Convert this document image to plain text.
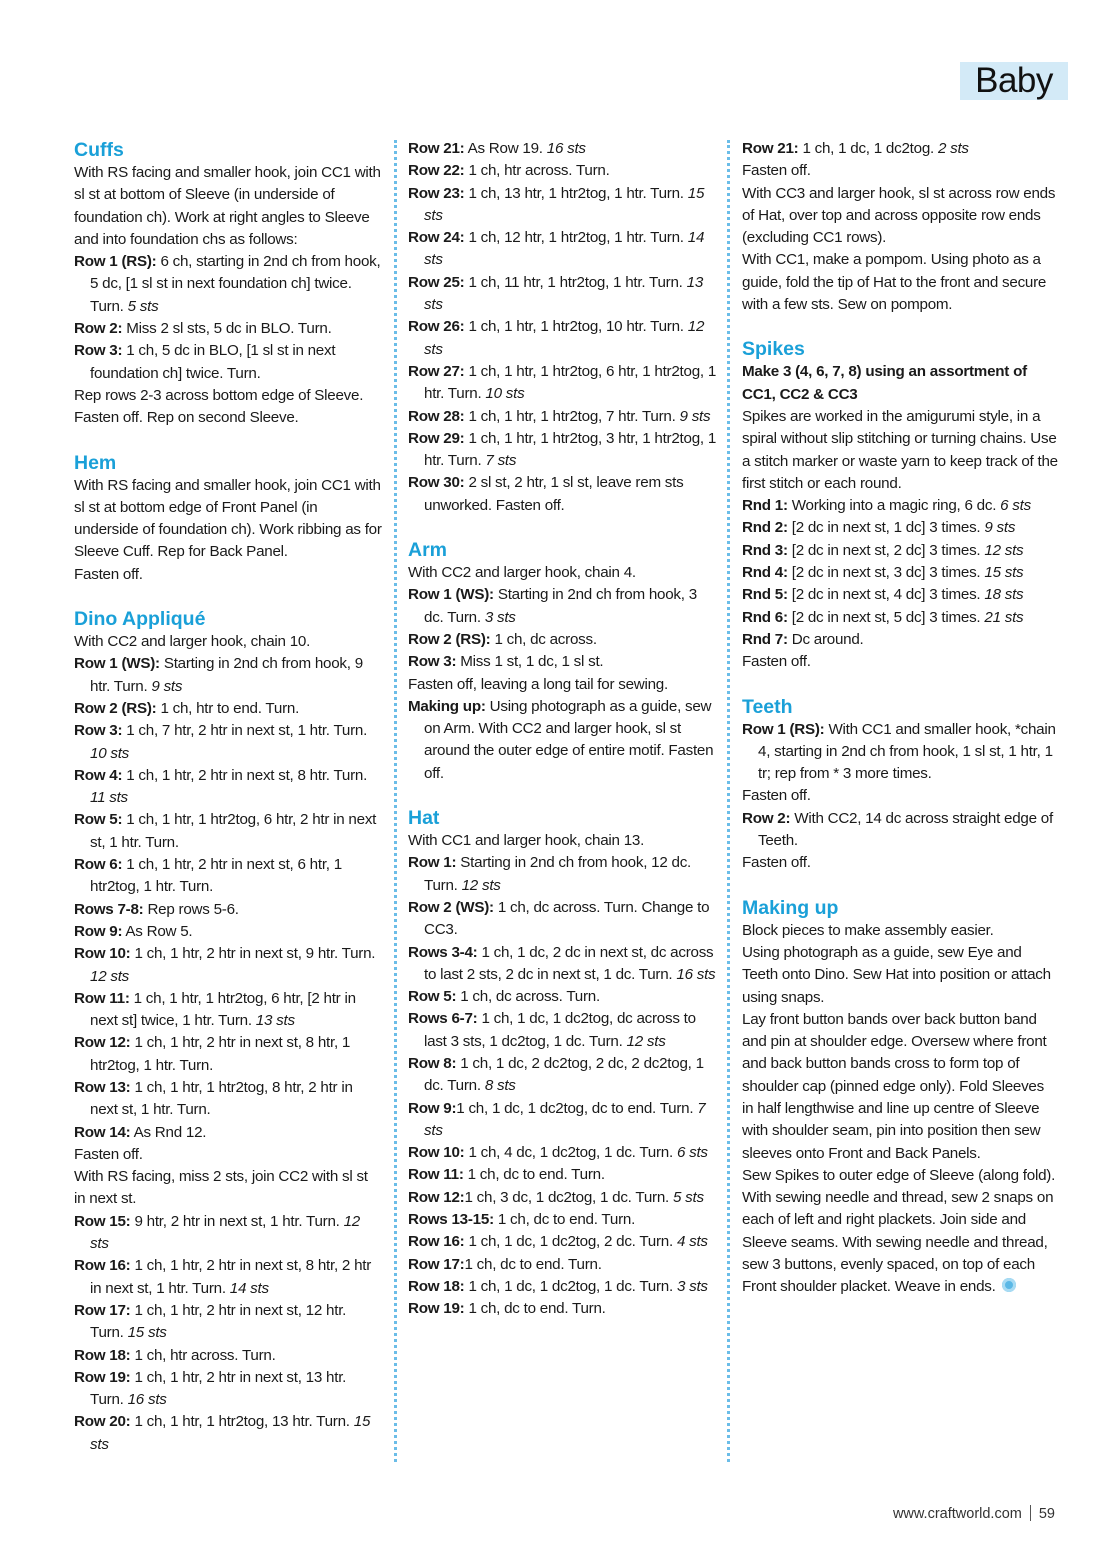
Baby
Cuffs

With RS facing and smaller hook, join CC1 with sl st at bottom of Sleeve (in underside of foundation ch). Work at right angles to Sleeve and into foundation chs as follows:

Row 1 (RS): 6 ch, starting in 2nd ch from hook, 5 dc, [1 sl st in next foundation ch] twice. Turn. 5 sts

Row 2: Miss 2 sl sts, 5 dc in BLO. Turn.

Row 3: 1 ch, 5 dc in BLO, [1 sl st in next foundation ch] twice. Turn.

Rep rows 2-3 across bottom edge of Sleeve. Fasten off. Rep on second Sleeve.

Hem

With RS facing and smaller hook, join CC1 with sl st at bottom edge of Front Panel (in underside of foundation ch). Work ribbing as for Sleeve Cuff. Rep for Back Panel.

Fasten off.

Dino Appliqué

With CC2 and larger hook, chain 10.

Row 1 (WS): Starting in 2nd ch from hook, 9 htr. Turn. 9 sts

Row 2 (RS): 1 ch, htr to end. Turn.

Row 3: 1 ch, 7 htr, 2 htr in next st, 1 htr. Turn. 10 sts

Row 4: 1 ch, 1 htr, 2 htr in next st, 8 htr. Turn. 11 sts

Row 5: 1 ch, 1 htr, 1 htr2tog, 6 htr, 2 htr in next st, 1 htr. Turn.

Row 6: 1 ch, 1 htr, 2 htr in next st, 6 htr, 1 htr2tog, 1 htr. Turn.

Rows 7-8: Rep rows 5-6.

Row 9: As Row 5.

Row 10: 1 ch, 1 htr, 2 htr in next st, 9 htr. Turn. 12 sts

Row 11: 1 ch, 1 htr, 1 htr2tog, 6 htr, [2 htr in next st] twice, 1 htr. Turn. 13 sts

Row 12: 1 ch, 1 htr, 2 htr in next st, 8 htr, 1 htr2tog, 1 htr. Turn.

Row 13: 1 ch, 1 htr, 1 htr2tog, 8 htr, 2 htr in next st, 1 htr. Turn.

Row 14: As Rnd 12.

Fasten off.

With RS facing, miss 2 sts, join CC2 with sl st in next st.

Row 15: 9 htr, 2 htr in next st, 1 htr. Turn. 12 sts

Row 16: 1 ch, 1 htr, 2 htr in next st, 8 htr, 2 htr in next st, 1 htr. Turn. 14 sts

Row 17: 1 ch, 1 htr, 2 htr in next st, 12 htr. Turn. 15 sts

Row 18: 1 ch, htr across. Turn.

Row 19: 1 ch, 1 htr, 2 htr in next st, 13 htr. Turn. 16 sts

Row 20: 1 ch, 1 htr, 1 htr2tog, 13 htr. Turn. 15 sts

Row 21: As Row 19. 16 sts

Row 22: 1 ch, htr across. Turn.

Row 23: 1 ch, 13 htr, 1 htr2tog, 1 htr. Turn. 15 sts

Row 24: 1 ch, 12 htr, 1 htr2tog, 1 htr. Turn. 14 sts

Row 25: 1 ch, 11 htr, 1 htr2tog, 1 htr. Turn. 13 sts

Row 26: 1 ch, 1 htr, 1 htr2tog, 10 htr. Turn. 12 sts

Row 27: 1 ch, 1 htr, 1 htr2tog, 6 htr, 1 htr2tog, 1 htr. Turn. 10 sts

Row 28: 1 ch, 1 htr, 1 htr2tog, 7 htr. Turn. 9 sts

Row 29: 1 ch, 1 htr, 1 htr2tog, 3 htr, 1 htr2tog, 1 htr. Turn. 7 sts

Row 30: 2 sl st, 2 htr, 1 sl st, leave rem sts unworked. Fasten off.

Arm

With CC2 and larger hook, chain 4.

Row 1 (WS): Starting in 2nd ch from hook, 3 dc. Turn. 3 sts

Row 2 (RS): 1 ch, dc across.

Row 3: Miss 1 st, 1 dc, 1 sl st.

Fasten off, leaving a long tail for sewing.

Making up: Using photograph as a guide, sew on Arm. With CC2 and larger hook, sl st around the outer edge of entire motif. Fasten off.

Hat

With CC1 and larger hook, chain 13.

Row 1: Starting in 2nd ch from hook, 12 dc. Turn. 12 sts

Row 2 (WS): 1 ch, dc across. Turn. Change to CC3.

Rows 3-4: 1 ch, 1 dc, 2 dc in next st, dc across to last 2 sts, 2 dc in next st, 1 dc. Turn. 16 sts

Row 5: 1 ch, dc across. Turn.

Rows 6-7: 1 ch, 1 dc, 1 dc2tog, dc across to last 3 sts, 1 dc2tog, 1 dc. Turn. 12 sts

Row 8: 1 ch, 1 dc, 2 dc2tog, 2 dc, 2 dc2tog, 1 dc. Turn. 8 sts

Row 9:1 ch, 1 dc, 1 dc2tog, dc to end. Turn. 7 sts

Row 10: 1 ch, 4 dc, 1 dc2tog, 1 dc. Turn. 6 sts

Row 11: 1 ch, dc to end. Turn.

Row 12:1 ch, 3 dc, 1 dc2tog, 1 dc. Turn. 5 sts

Rows 13-15: 1 ch, dc to end. Turn.

Row 16: 1 ch, 1 dc, 1 dc2tog, 2 dc. Turn. 4 sts

Row 17:1 ch, dc to end. Turn.

Row 18: 1 ch, 1 dc, 1 dc2tog, 1 dc. Turn. 3 sts

Row 19: 1 ch, dc to end. Turn.

Row 21: 1 ch, 1 dc, 1 dc2tog. 2 sts

Fasten off.

With CC3 and larger hook, sl st across row ends of Hat, over top and across opposite row ends (excluding CC1 rows).

With CC1, make a pompom. Using photo as a guide, fold the tip of Hat to the front and secure with a few sts. Sew on pompom.

Spikes

Make 3 (4, 6, 7, 8) using an assortment of CC1, CC2 & CC3

Spikes are worked in the amigurumi style, in a spiral without slip stitching or turning chains. Use a stitch marker or waste yarn to keep track of the first stitch or each round.

Rnd 1: Working into a magic ring, 6 dc. 6 sts

Rnd 2: [2 dc in next st, 1 dc] 3 times. 9 sts

Rnd 3: [2 dc in next st, 2 dc] 3 times. 12 sts

Rnd 4: [2 dc in next st, 3 dc] 3 times. 15 sts

Rnd 5: [2 dc in next st, 4 dc] 3 times. 18 sts

Rnd 6: [2 dc in next st, 5 dc] 3 times. 21 sts

Rnd 7: Dc around.

Fasten off.

Teeth

Row 1 (RS): With CC1 and smaller hook, *chain 4, starting in 2nd ch from hook, 1 sl st, 1 htr, 1 tr; rep from * 3 more times.

Fasten off.

Row 2: With CC2, 14 dc across straight edge of Teeth.

Fasten off.

Making up

Block pieces to make assembly easier.

Using photograph as a guide, sew Eye and Teeth onto Dino. Sew Hat into position or attach using snaps.

Lay front button bands over back button band and pin at shoulder edge. Oversew where front and back button bands cross to form top of shoulder cap (pinned edge only). Fold Sleeves in half lengthwise and line up centre of Sleeve with shoulder seam, pin into position then sew sleeves onto Front and Back Panels.

Sew Spikes to outer edge of Sleeve (along fold).

With sewing needle and thread, sew 2 snaps on each of left and right plackets. Join side and Sleeve seams. With sewing needle and thread, sew 3 buttons, evenly spaced, on top of each Front shoulder placket. Weave in ends.

www.craftworld.com 59
